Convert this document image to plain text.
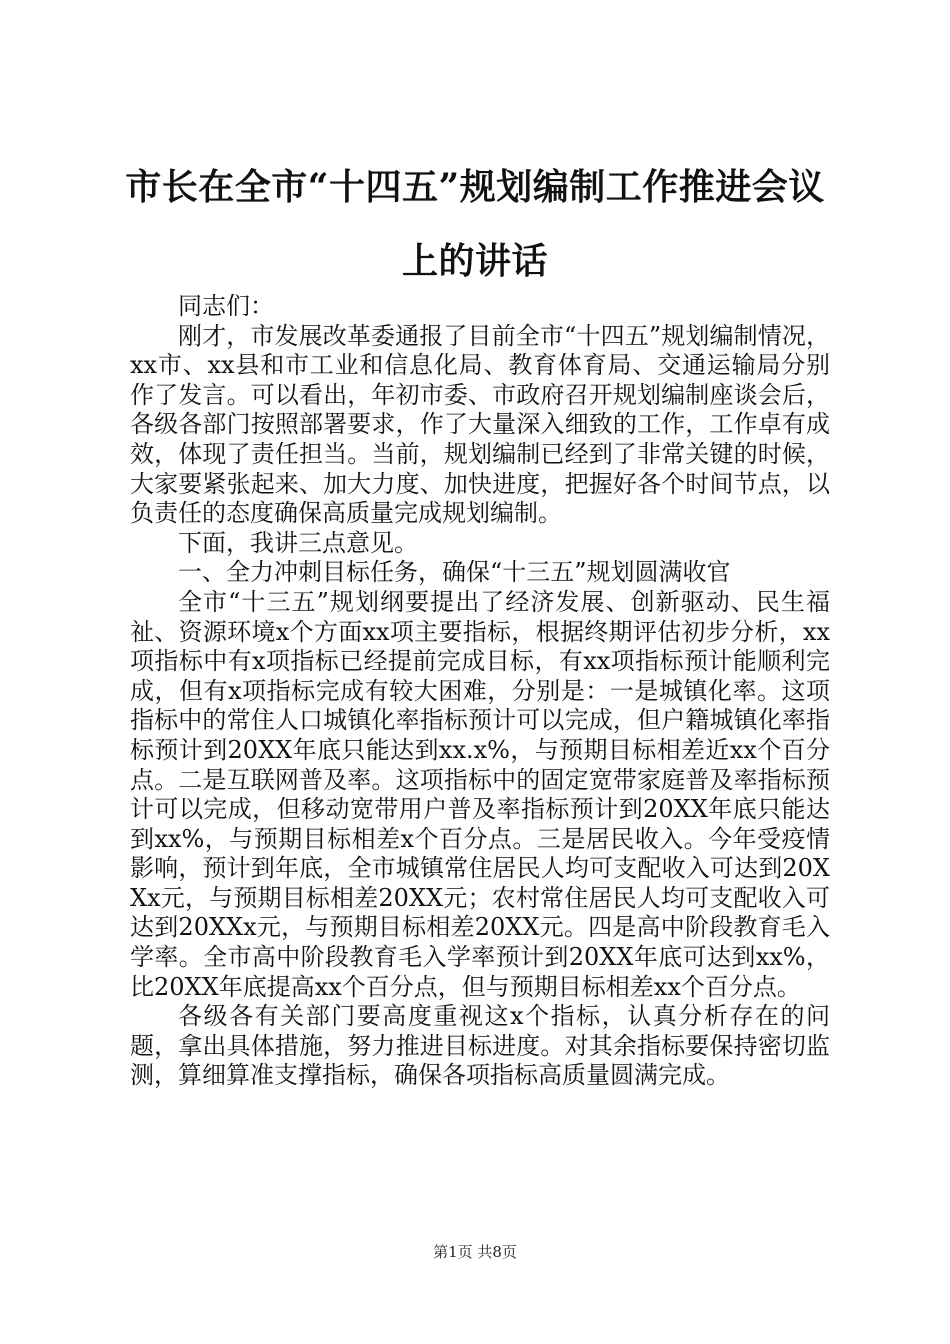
市长在全市“十四五”规划编制工作推进会议上的讲话

同志们：

刚才，市发展改革委通报了目前全市“十四五”规划编制情况，xx市、xx县和市工业和信息化局、教育体育局、交通运输局分别作了发言。可以看出，年初市委、市政府召开规划编制座谈会后，各级各部门按照部署要求，作了大量深入细致的工作，工作卓有成效，体现了责任担当。当前，规划编制已经到了非常关键的时候，大家要紧张起来、加大力度、加快进度，把握好各个时间节点，以负责任的态度确保高质量完成规划编制。

下面，我讲三点意见。

一、全力冲刺目标任务，确保“十三五”规划圆满收官

全市“十三五”规划纲要提出了经济发展、创新驱动、民生福祉、资源环境x个方面xx项主要指标，根据终期评估初步分析，xx项指标中有x项指标已经提前完成目标，有xx项指标预计能顺利完成，但有x项指标完成有较大困难，分别是：一是城镇化率。这项指标中的常住人口城镇化率指标预计可以完成，但户籍城镇化率指标预计到20XX年底只能达到xx.x%，与预期目标相差近xx个百分点。二是互联网普及率。这项指标中的固定宽带家庭普及率指标预计可以完成，但移动宽带用户普及率指标预计到20XX年底只能达到xx%，与预期目标相差x个百分点。三是居民收入。今年受疫情影响，预计到年底，全市城镇常住居民人均可支配收入可达到20XXx元，与预期目标相差20XX元；农村常住居民人均可支配收入可达到20XXx元，与预期目标相差20XX元。四是高中阶段教育毛入学率。全市高中阶段教育毛入学率预计到20XX年底可达到xx%，比20XX年底提高xx个百分点，但与预期目标相差xx个百分点。

各级各有关部门要高度重视这x个指标，认真分析存在的问题，拿出具体措施，努力推进目标进度。对其余指标要保持密切监测，算细算准支撑指标，确保各项指标高质量圆满完成。

第1页 共8页
